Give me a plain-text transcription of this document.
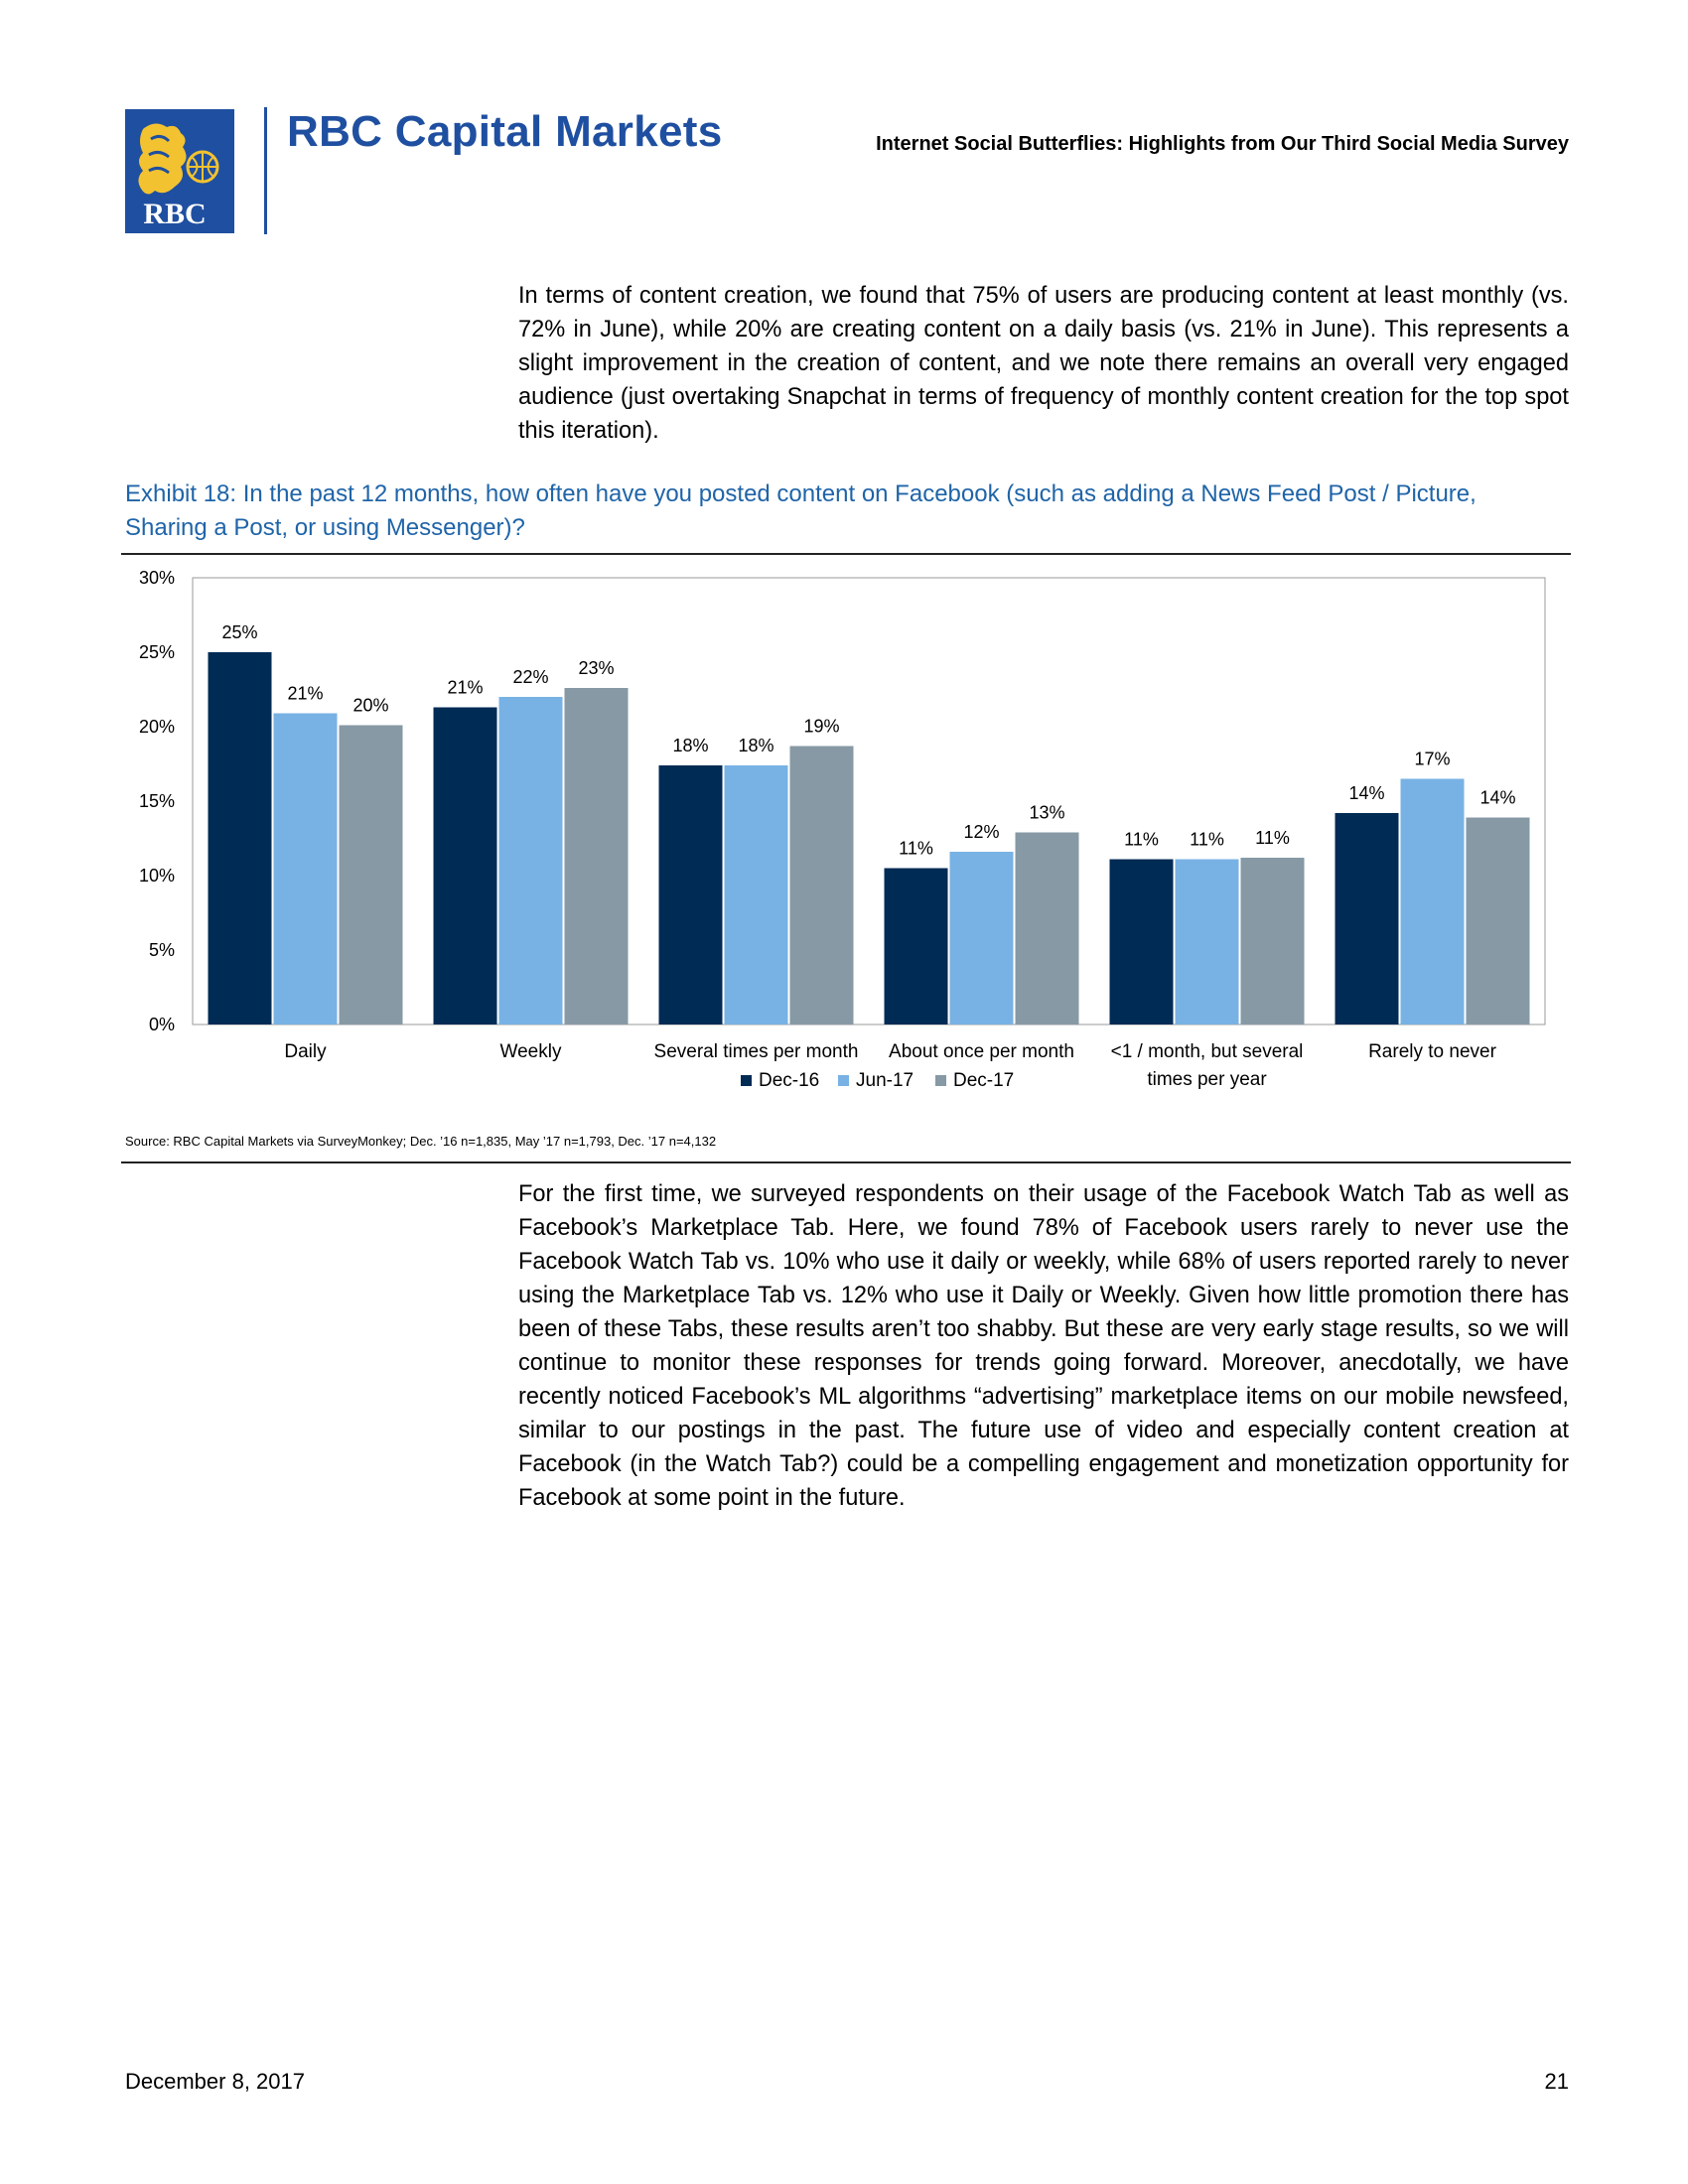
RBC
RBC Capital Markets	Internet Social Butterflies: Highlights from Our Third Social Media Survey
In terms of content creation, we found that 75% of users are producing content at least monthly (vs. 72% in June), while 20% are creating content on a daily basis (vs. 21% in June). This represents a slight improvement in the creation of content, and we note there remains an overall very engaged audience (just overtaking Snapchat in terms of frequency of monthly content creation for the top spot this iteration).
Exhibit 18: In the past 12 months, how often have you posted content on Facebook (such as adding a News Feed Post / Picture, Sharing a Post, or using Messenger)?
0%
5%
10%
15%
20%
25%
30%
25%
21%
20%
Daily
21%
22% 23%
Weekly
18% 18%
19%
Several times per month
11%
12%
13%
About once per month
11% 11% 11%
<1 / month, but several
times per year
14%
17%
14%
Rarely to never
Dec-16 Jun-17 Dec-17
Source: RBC Capital Markets via SurveyMonkey; Dec. ’16 n=1,835, May ’17 n=1,793, Dec. ’17 n=4,132
For the first time, we surveyed respondents on their usage of the Facebook Watch Tab as well as Facebook’s Marketplace Tab. Here, we found 78% of Facebook users rarely to never use the Facebook Watch Tab vs. 10% who use it daily or weekly, while 68% of users reported rarely to never using the Marketplace Tab vs. 12% who use it Daily or Weekly. Given how little promotion there has been of these Tabs, these results aren’t too shabby. But these are very early stage results, so we will continue to monitor these responses for trends going forward. Moreover, anecdotally, we have recently noticed Facebook’s ML algorithms “advertising” marketplace items on our mobile newsfeed, similar to our postings in the past. The future use of video and especially content creation at Facebook (in the Watch Tab?) could be a compelling engagement and monetization opportunity for Facebook at some point in the future.
December 8, 2017	21
